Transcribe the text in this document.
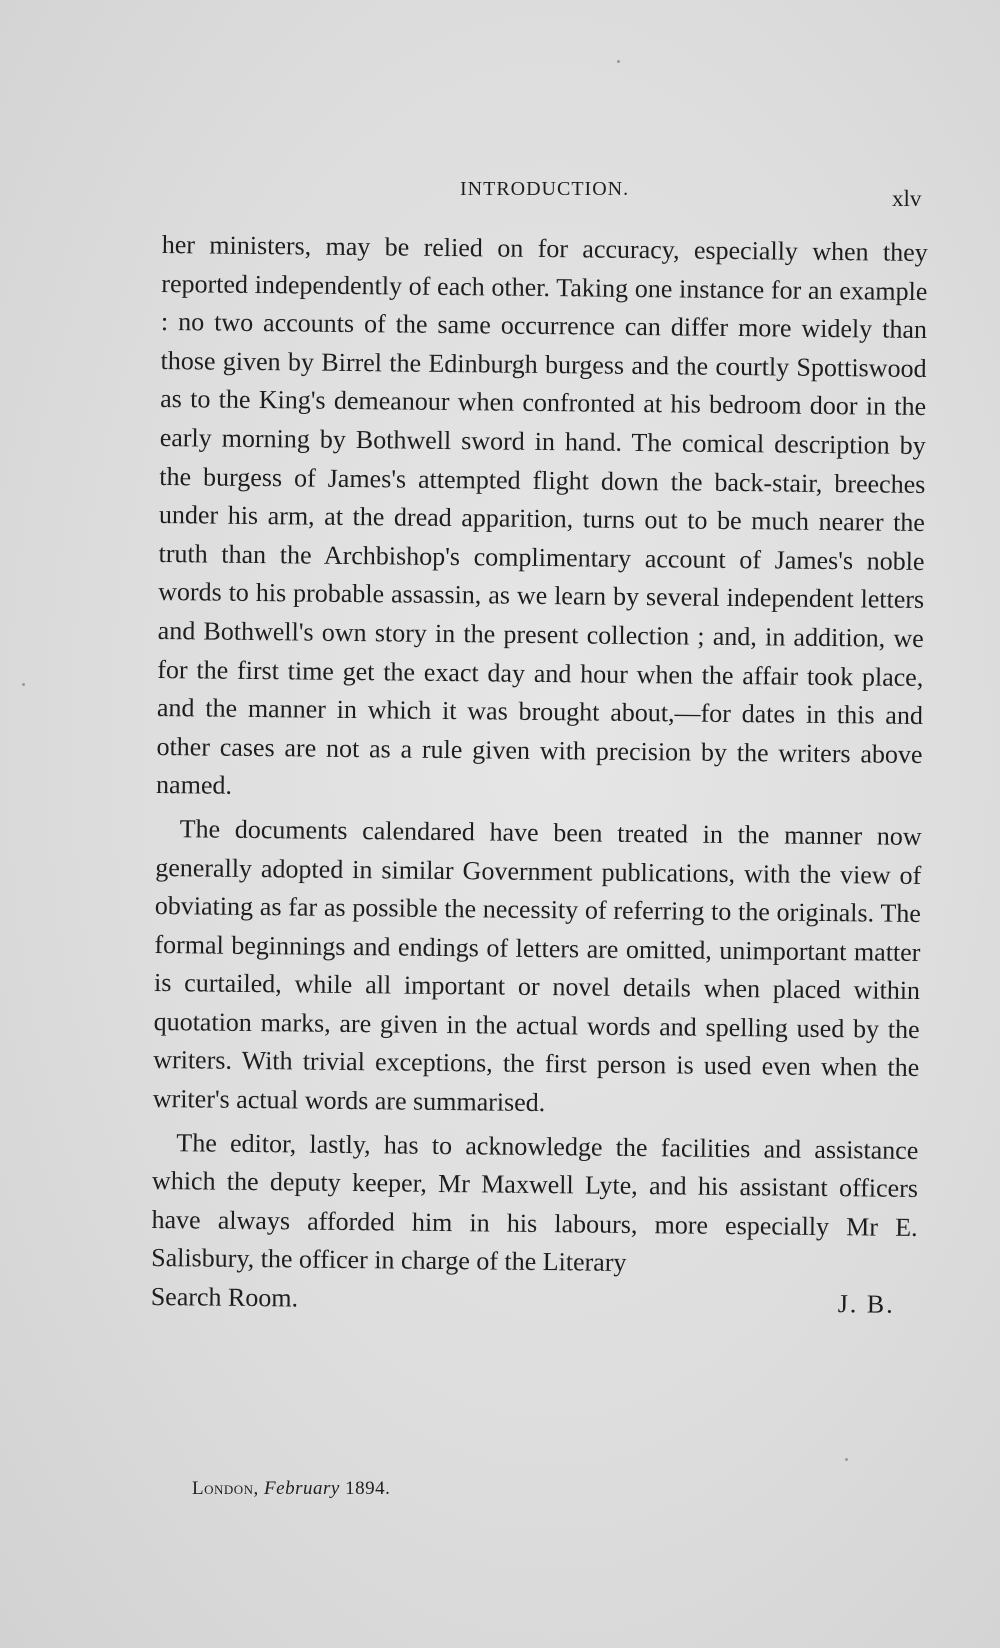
INTRODUCTION.	xlv

her ministers, may be relied on for accuracy, especially when they reported independently of each other. Taking one instance for an example : no two accounts of the same occurrence can differ more widely than those given by Birrel the Edinburgh burgess and the courtly Spottiswood as to the King's demeanour when confronted at his bedroom door in the early morning by Bothwell sword in hand. The comical description by the burgess of James's attempted flight down the back-stair, breeches under his arm, at the dread apparition, turns out to be much nearer the truth than the Archbishop's complimentary account of James's noble words to his probable assassin, as we learn by several independent letters and Bothwell's own story in the present collection ; and, in addition, we for the first time get the exact day and hour when the affair took place, and the manner in which it was brought about,—for dates in this and other cases are not as a rule given with precision by the writers above named.

The documents calendared have been treated in the manner now generally adopted in similar Government publications, with the view of obviating as far as possible the necessity of referring to the originals. The formal beginnings and endings of letters are omitted, unimportant matter is curtailed, while all important or novel details when placed within quotation marks, are given in the actual words and spelling used by the writers. With trivial exceptions, the first person is used even when the writer's actual words are summarised.

The editor, lastly, has to acknowledge the facilities and assistance which the deputy keeper, Mr Maxwell Lyte, and his assistant officers have always afforded him in his labours, more especially Mr E. Salisbury, the officer in charge of the Literary

Search Room.	J. B.
London, February 1894.
